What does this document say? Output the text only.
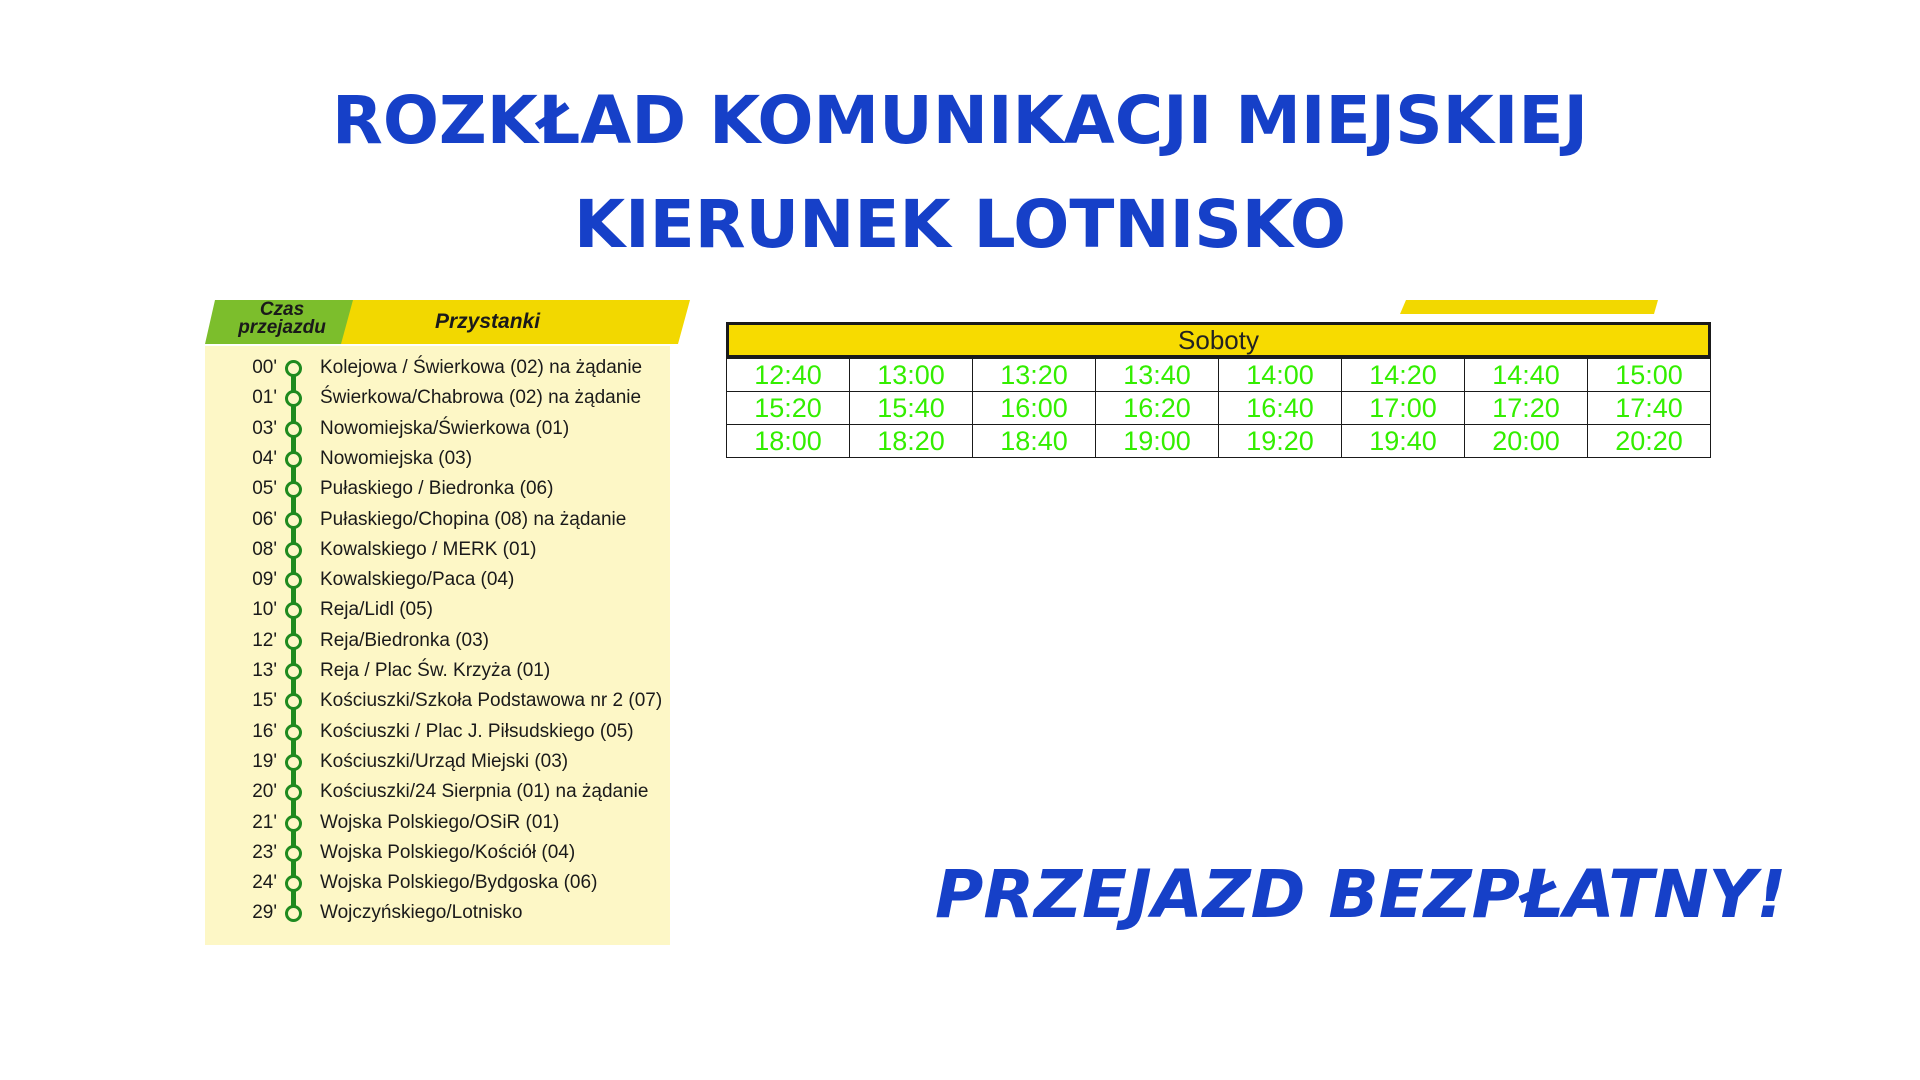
ROZKŁAD KOMUNIKACJI MIEJSKIEJ
KIERUNEK LOTNISKO
Czas przejazdu	Przystanki
00' Kolejowa / Świerkowa (02) na żądanie
01' Świerkowa/Chabrowa (02) na żądanie
03' Nowomiejska/Świerkowa (01)
04' Nowomiejska (03)
05' Pułaskiego / Biedronka (06)
06' Pułaskiego/Chopina (08) na żądanie
08' Kowalskiego / MERK (01)
09' Kowalskiego/Paca (04)
10' Reja/Lidl (05)
12' Reja/Biedronka (03)
13' Reja / Plac Św. Krzyża (01)
15' Kościuszki/Szkoła Podstawowa nr 2 (07)
16' Kościuszki / Plac J. Piłsudskiego (05)
19' Kościuszki/Urząd Miejski (03)
20' Kościuszki/24 Sierpnia (01) na żądanie
21' Wojska Polskiego/OSiR (01)
23' Wojska Polskiego/Kościół (04)
24' Wojska Polskiego/Bydgoska (06)
29' Wojczyńskiego/Lotnisko
Soboty
12:40	13:00	13:20	13:40	14:00	14:20	14:40	15:00
15:20	15:40	16:00	16:20	16:40	17:00	17:20	17:40
18:00	18:20	18:40	19:00	19:20	19:40	20:00	20:20
PRZEJAZD BEZPŁATNY!
